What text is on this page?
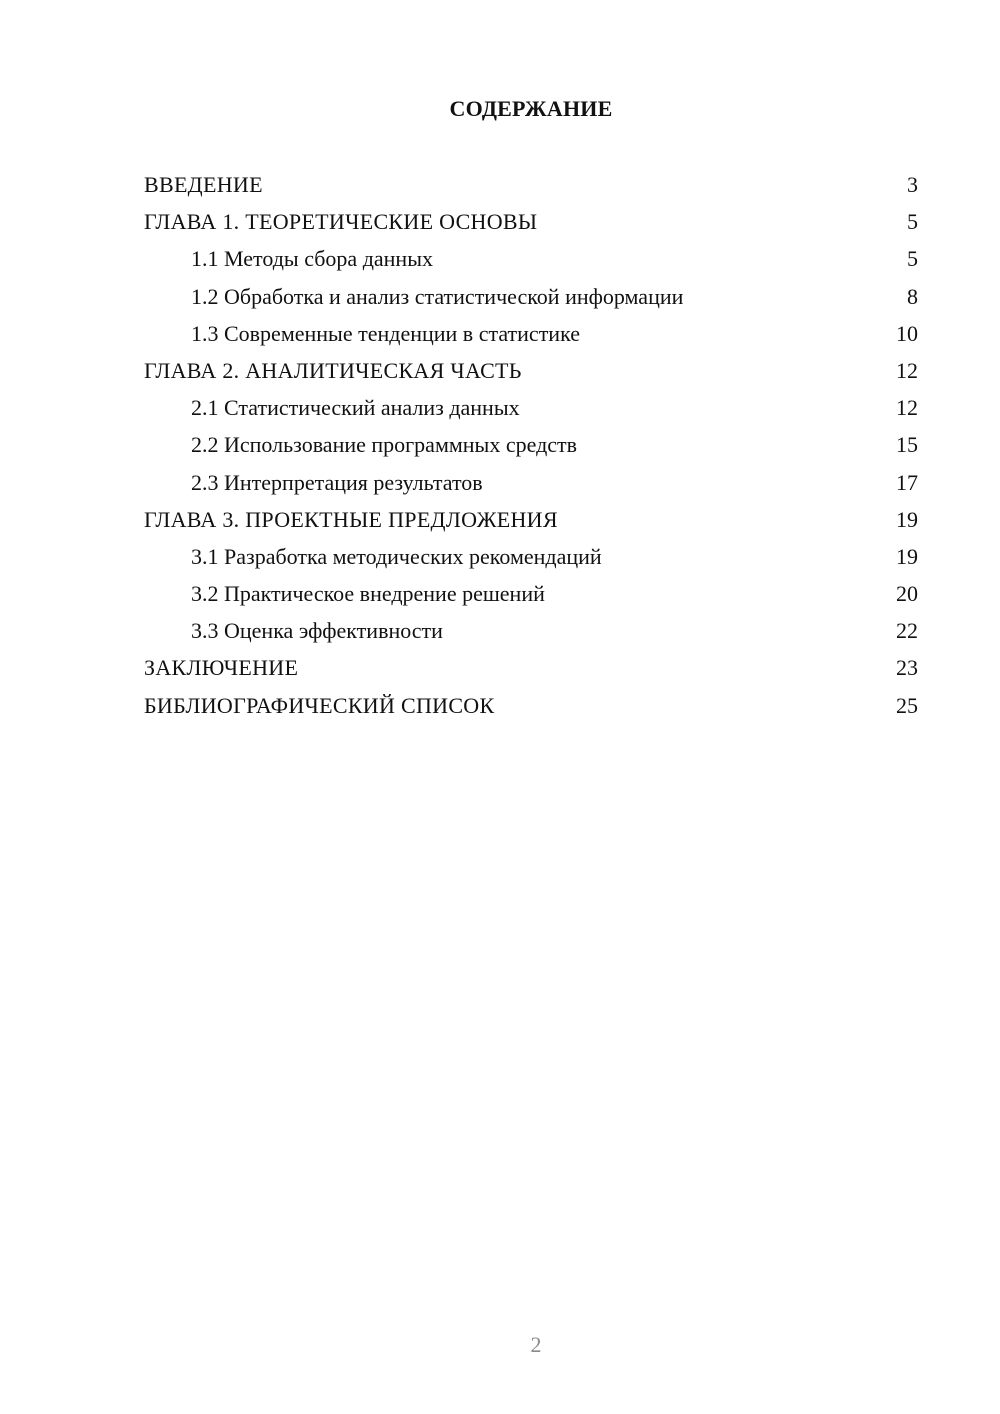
СОДЕРЖАНИЕ
ВВЕДЕНИЕ	3
ГЛАВА 1. ТЕОРЕТИЧЕСКИЕ ОСНОВЫ	5
1.1 Методы сбора данных	5
1.2 Обработка и анализ статистической информации	8
1.3 Современные тенденции в статистике	10
ГЛАВА 2. АНАЛИТИЧЕСКАЯ ЧАСТЬ	12
2.1 Статистический анализ данных	12
2.2 Использование программных средств	15
2.3 Интерпретация результатов	17
ГЛАВА 3. ПРОЕКТНЫЕ ПРЕДЛОЖЕНИЯ	19
3.1 Разработка методических рекомендаций	19
3.2 Практическое внедрение решений	20
3.3 Оценка эффективности	22
ЗАКЛЮЧЕНИЕ	23
БИБЛИОГРАФИЧЕСКИЙ СПИСОК	25
2
